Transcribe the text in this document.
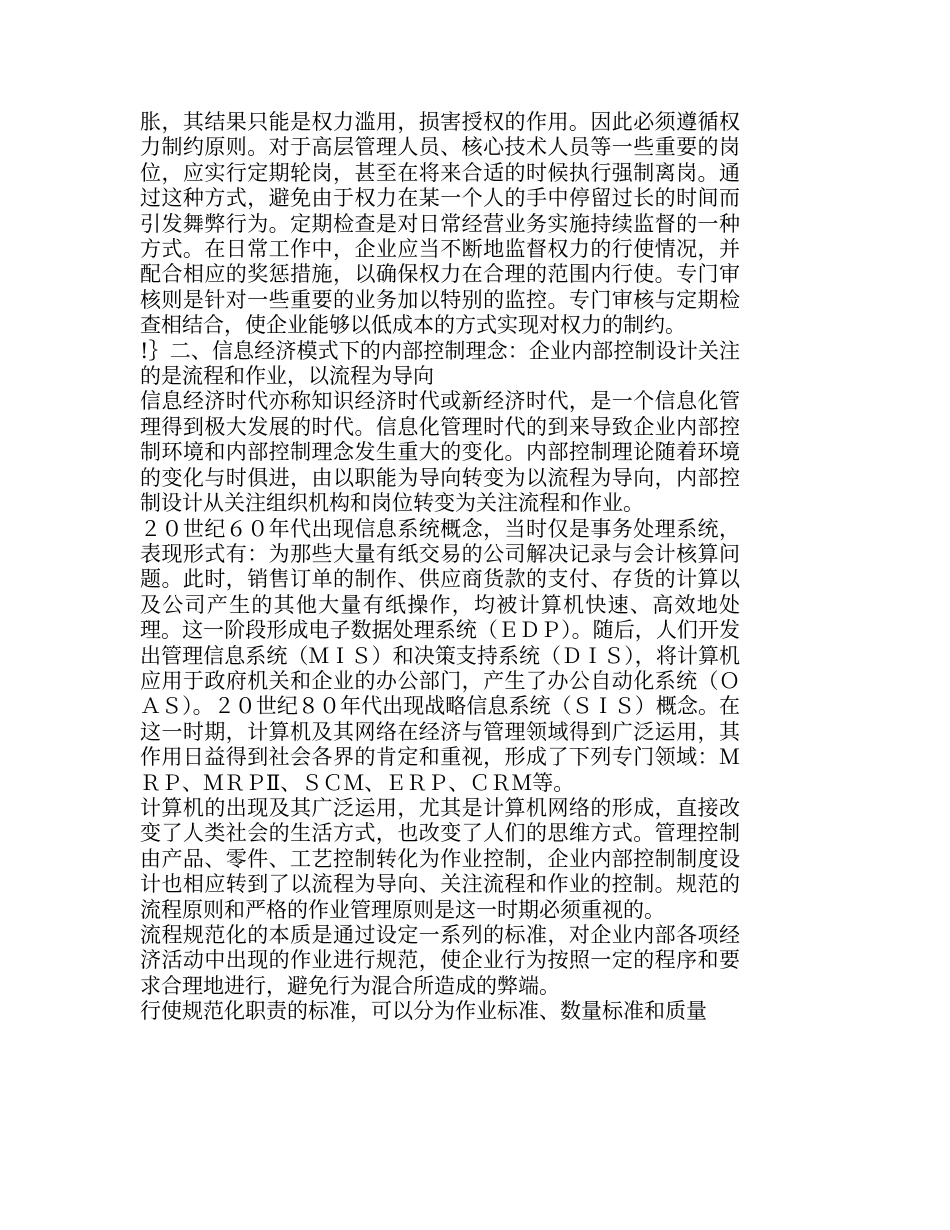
胀，其结果只能是权力滥用，损害授权的作用。因此必须遵循权力制约原则。对于高层管理人员、核心技术人员等一些重要的岗位，应实行定期轮岗，甚至在将来合适的时候执行强制离岗。通过这种方式，避免由于权力在某一个人的手中停留过长的时间而引发舞弊行为。定期检查是对日常经营业务实施持续监督的一种方式。在日常工作中，企业应当不断地监督权力的行使情况，并配合相应的奖惩措施，以确保权力在合理的范围内行使。专门审核则是针对一些重要的业务加以特别的监控。专门审核与定期检查相结合，使企业能够以低成本的方式实现对权力的制约。

!｝二、信息经济模式下的内部控制理念：企业内部控制设计关注的是流程和作业，以流程为导向

信息经济时代亦称知识经济时代或新经济时代，是一个信息化管理得到极大发展的时代。信息化管理时代的到来导致企业内部控制环境和内部控制理念发生重大的变化。内部控制理论随着环境的变化与时俱进，由以职能为导向转变为以流程为导向，内部控制设计从关注组织机构和岗位转变为关注流程和作业。

２０世纪６０年代出现信息系统概念，当时仅是事务处理系统，表现形式有：为那些大量有纸交易的公司解决记录与会计核算问题。此时，销售订单的制作、供应商货款的支付、存货的计算以及公司产生的其他大量有纸操作，均被计算机快速、高效地处理。这一阶段形成电子数据处理系统（ＥＤＰ）。随后，人们开发出管理信息系统（ＭＩＳ）和决策支持系统（ＤＩＳ），将计算机应用于政府机关和企业的办公部门，产生了办公自动化系统（ＯＡＳ）。２０世纪８０年代出现战略信息系统（ＳＩＳ）概念。在这一时期，计算机及其网络在经济与管理领域得到广泛运用，其作用日益得到社会各界的肯定和重视，形成了下列专门领域：ＭＲＰ、ＭＲＰⅡ、ＳＣＭ、ＥＲＰ、ＣＲＭ等。

计算机的出现及其广泛运用，尤其是计算机网络的形成，直接改变了人类社会的生活方式，也改变了人们的思维方式。管理控制由产品、零件、工艺控制转化为作业控制，企业内部控制制度设计也相应转到了以流程为导向、关注流程和作业的控制。规范的流程原则和严格的作业管理原则是这一时期必须重视的。

流程规范化的本质是通过设定一系列的标准，对企业内部各项经济活动中出现的作业进行规范，使企业行为按照一定的程序和要求合理地进行，避免行为混合所造成的弊端。

行使规范化职责的标准，可以分为作业标准、数量标准和质量
